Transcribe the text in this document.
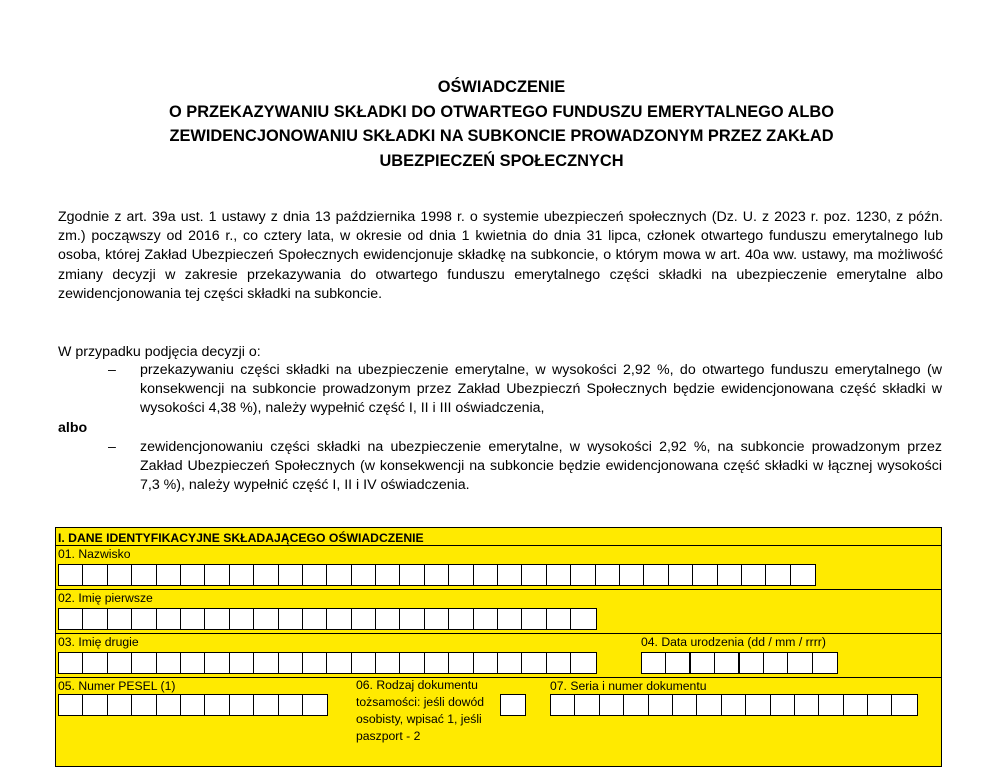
OŚWIADCZENIE
O PRZEKAZYWANIU SKŁADKI DO OTWARTEGO FUNDUSZU EMERYTALNEGO ALBO
ZEWIDENCJONOWANIU SKŁADKI NA SUBKONCIE PROWADZONYM PRZEZ ZAKŁAD
UBEZPIECZEŃ SPOŁECZNYCH
Zgodnie z art. 39a ust. 1 ustawy z dnia 13 października 1998 r. o systemie ubezpieczeń społecznych (Dz. U. z 2023 r. poz. 1230, z późn. zm.) począwszy od 2016 r., co cztery lata, w okresie od dnia 1 kwietnia do dnia 31 lipca, członek otwartego funduszu emerytalnego lub osoba, której Zakład Ubezpieczeń Społecznych ewidencjonuje składkę na subkoncie, o którym mowa w art. 40a ww. ustawy, ma możliwość zmiany decyzji w zakresie przekazywania do otwartego funduszu emerytalnego części składki na ubezpieczenie emerytalne albo zewidencjonowania tej części składki na subkoncie.
W przypadku podjęcia decyzji o:
– przekazywaniu części składki na ubezpieczenie emerytalne, w wysokości 2,92 %, do otwartego funduszu emerytalnego (w konsekwencji na subkoncie prowadzonym przez Zakład Ubezpieczń Społecznych będzie ewidencjonowana część składki w wysokości 4,38 %), należy wypełnić część I, II i III oświadczenia,
albo
– zewidencjonowaniu części składki na ubezpieczenie emerytalne, w wysokości 2,92 %, na subkoncie prowadzonym przez Zakład Ubezpieczeń Społecznych (w konsekwencji na subkoncie będzie ewidencjonowana część składki w łącznej wysokości 7,3 %), należy wypełnić część I, II i IV oświadczenia.
I. DANE IDENTYFIKACYJNE SKŁADAJĄCEGO OŚWIADCZENIE
01. Nazwisko
02. Imię pierwsze
03. Imię drugie	04. Data urodzenia (dd / mm / rrrr)
05. Numer PESEL (1)	06. Rodzaj dokumentu tożsamości: jeśli dowód osobisty, wpisać 1, jeśli paszport - 2
07. Seria i numer dokumentu
